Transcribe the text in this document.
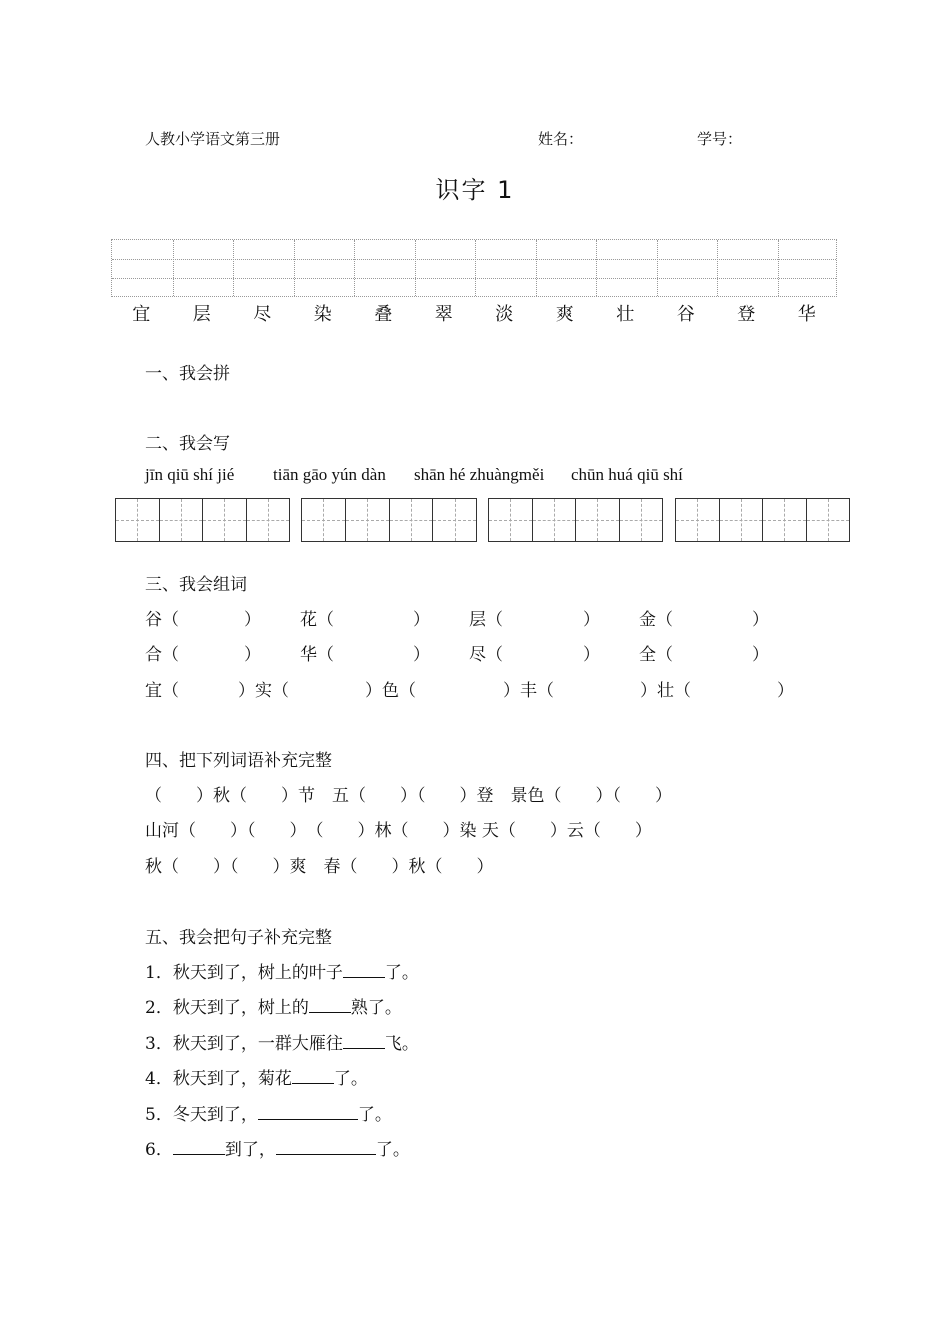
人教小学语文第三册	姓名：	学号：
识字 1
宜	层	尽	染	叠	翠	淡	爽	壮	谷	登	华
一、我会拼
二、我会写
jīn qiū shí jié tiān gāo yún dàn shān hé zhuàngměi chūn huá qiū shí
三、我会组词
谷（	） 花（	） 层（	） 金（	）
合（	） 华（	） 尽（	） 全（	）
宜（	）实（	）色（	）丰（	）壮（	）
四、把下列词语补充完整
（　　）秋（　　）节　五（　　）（　　）登　景色（　　）（　　）
山河（　　）（　　）　（　　）林（　　）染 天（　　）云（　　）
秋（　　）（　　）爽　春（　　）秋（　　）
五、我会把句子补充完整
1．秋天到了，树上的叶子 了。
2．秋天到了，树上的 熟了。
3．秋天到了，一群大雁往 飞。
4．秋天到了，菊花 了。
5．冬天到了，	了。
6．	到了，	了。
